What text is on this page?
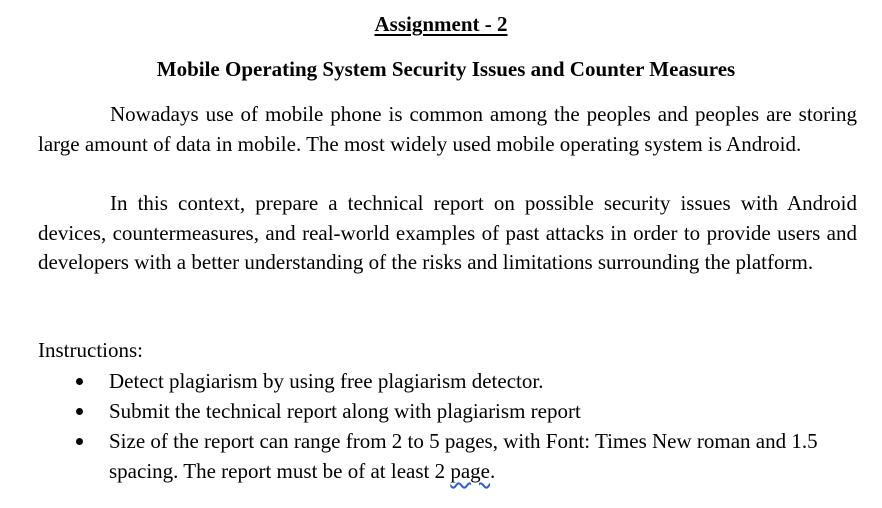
Assignment - 2
Mobile Operating System Security Issues and Counter Measures

Nowadays use of mobile phone is common among the peoples and peoples are storing large amount of data in mobile. The most widely used mobile operating system is Android.

In this context, prepare a technical report on possible security issues with Android devices, countermeasures, and real-world examples of past attacks in order to provide users and developers with a better understanding of the risks and limitations surrounding the platform.

Instructions:
Detect plagiarism by using free plagiarism detector.
Submit the technical report along with plagiarism report
Size of the report can range from 2 to 5 pages, with Font: Times New roman and 1.5 spacing. The report must be of at least 2 page.
